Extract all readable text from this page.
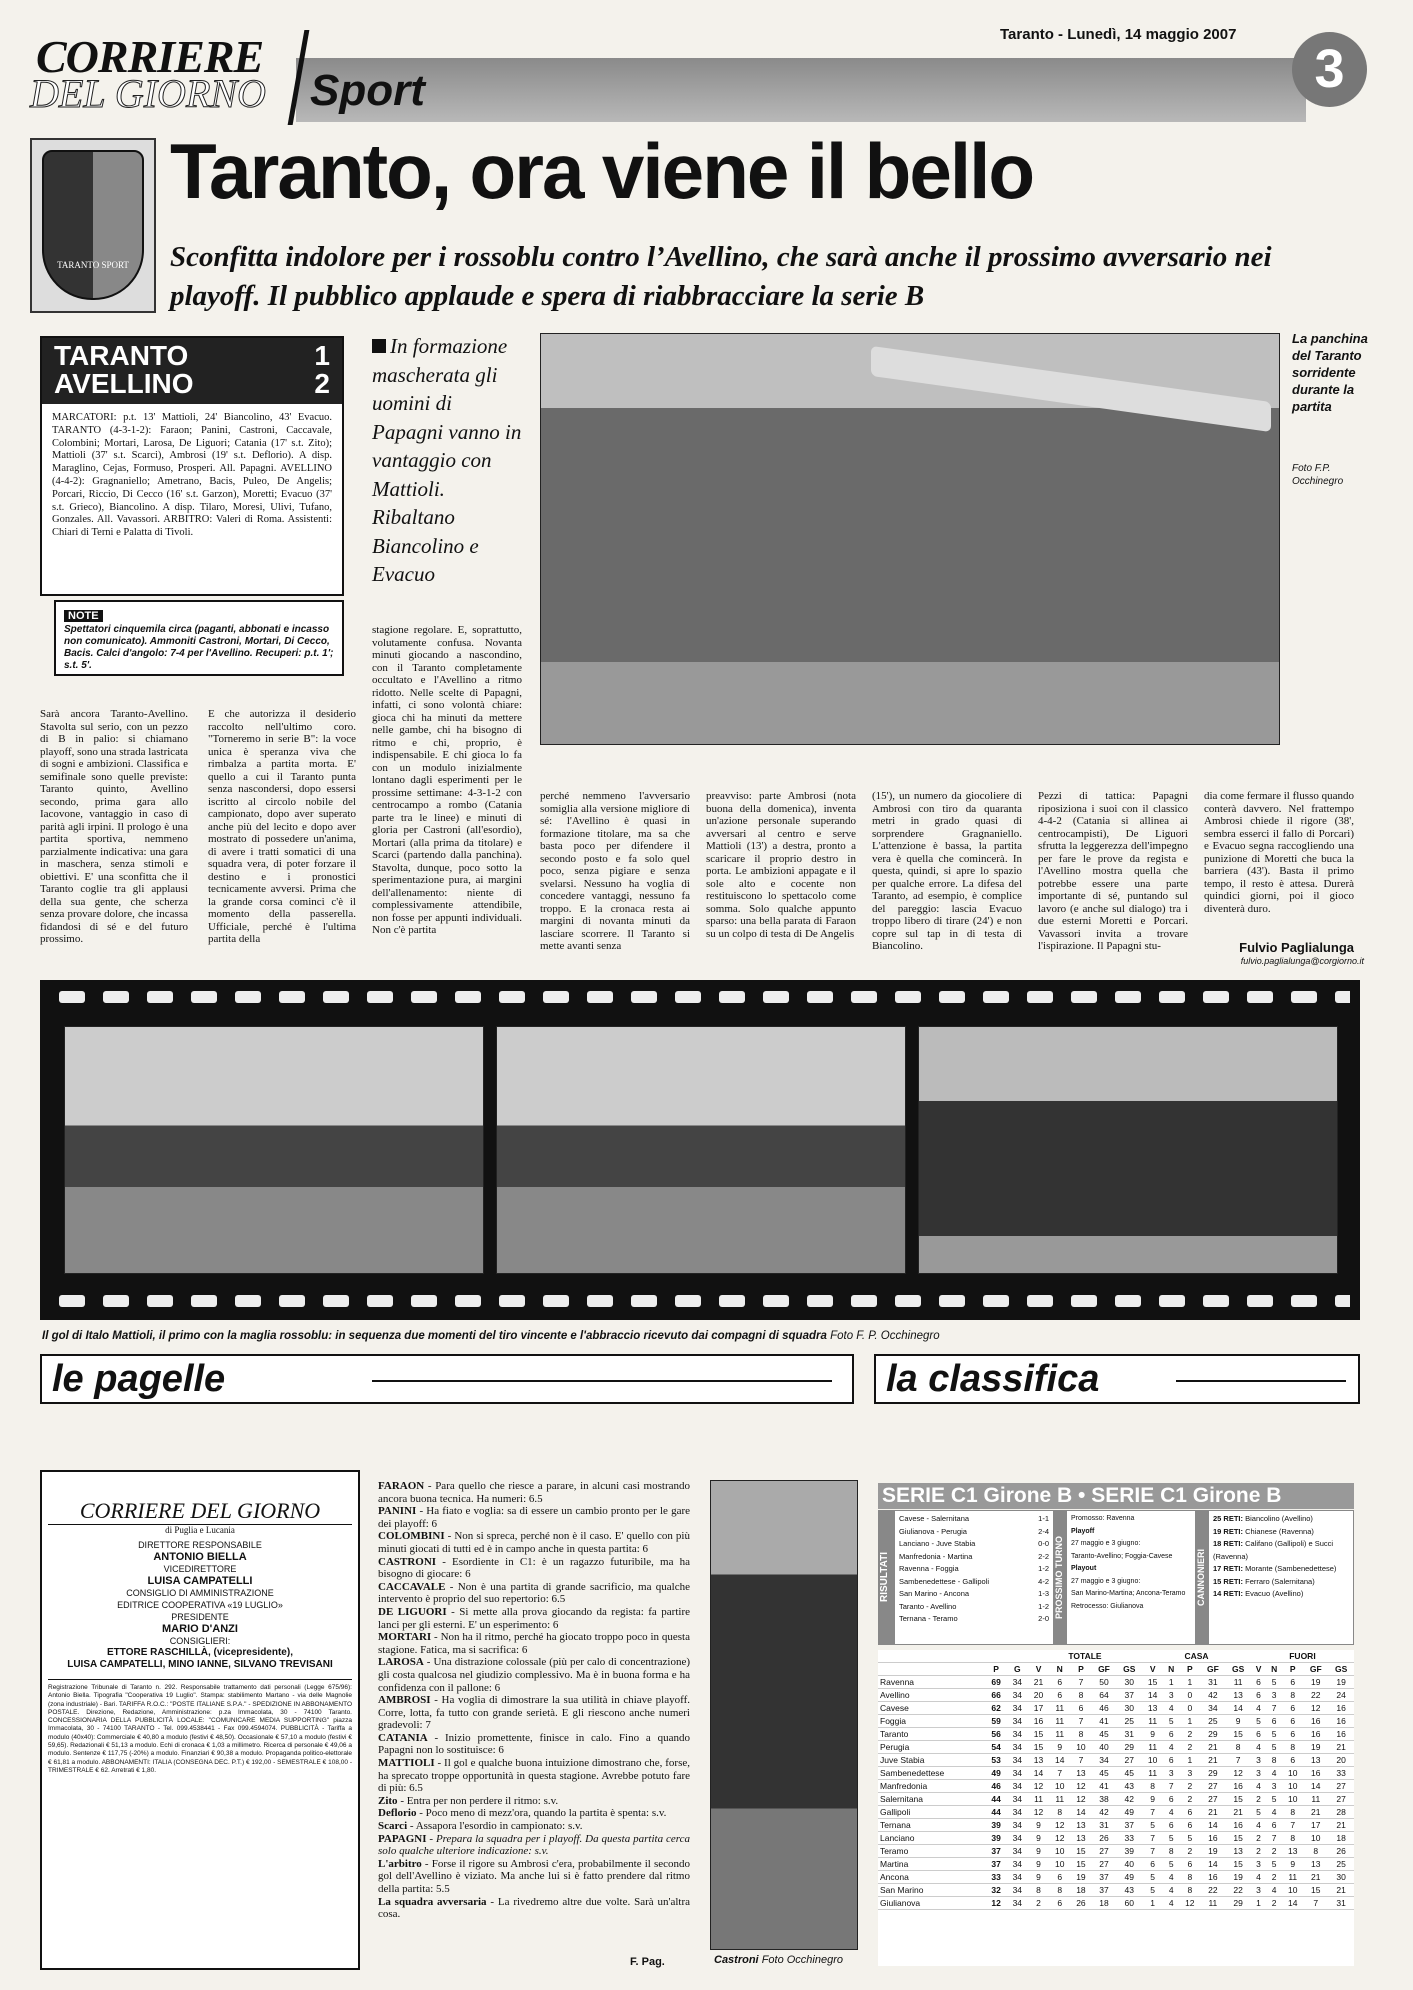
CORRIERE
DEL GIORNO Sport
Taranto - Lunedì, 14 maggio 2007
3
TARANTO SPORT
Taranto, ora viene il bello
Sconfitta indolore per i rossoblu contro l’Avellino, che sarà anche il prossimo avversario nei playoff. Il pubblico applaude e spera di riabbracciare la serie B
TARANTO	1
AVELLINO	2
MARCATORI: p.t. 13' Mattioli, 24' Biancolino, 43' Evacuo. TARANTO (4-3-1-2): Faraon; Panini, Castroni, Caccavale, Colombini; Mortari, Larosa, De Liguori; Catania (17' s.t. Zito); Mattioli (37' s.t. Scarci), Ambrosi (19' s.t. Deflorio). A disp. Maraglino, Cejas, Formuso, Prosperi. All. Papagni. AVELLINO (4-4-2): Gragnaniello; Ametrano, Bacis, Puleo, De Angelis; Porcari, Riccio, Di Cecco (16' s.t. Garzon), Moretti; Evacuo (37' s.t. Grieco), Biancolino. A disp. Tilaro, Moresi, Ulivi, Tufano, Gonzales. All. Vavassori. ARBITRO: Valeri di Roma. Assistenti: Chiari di Terni e Palatta di Tivoli.
NOTE
Spettatori cinquemila circa (paganti, abbonati e incasso non comunicato). Ammoniti Castroni, Mortari, Di Cecco, Bacis. Calci d'angolo: 7-4 per l'Avellino. Recuperi: p.t. 1'; s.t. 5'.
In formazione mascherata gli uomini di Papagni vanno in vantaggio con Mattioli. Ribaltano Biancolino e Evacuo
La panchina del Taranto sorridente durante la partita
Foto F.P. Occhinegro
Sarà ancora Taranto-Avellino. Stavolta sul serio, con un pezzo di B in palio: si chiamano playoff, sono una strada lastricata di sogni e ambizioni. Classifica e semifinale sono quelle previste: Taranto quinto, Avellino secondo, prima gara allo Iacovone, vantaggio in caso di parità agli irpini. Il prologo è una partita sportiva, nemmeno parzialmente indicativa: una gara in maschera, senza stimoli e obiettivi. E' una sconfitta che il Taranto coglie tra gli applausi della sua gente, che scherza senza provare dolore, che incassa fidandosi di sé e del futuro prossimo.
E che autorizza il desiderio raccolto nell'ultimo coro. "Torneremo in serie B": la voce unica è speranza viva che rimbalza a partita morta. E' quello a cui il Taranto punta senza nascondersi, dopo essersi iscritto al circolo nobile del campionato, dopo aver superato anche più del lecito e dopo aver mostrato di possedere un'anima, di avere i tratti somatici di una squadra vera, di poter forzare il destino e i pronostici tecnicamente avversi. Prima che la grande corsa cominci c'è il momento della passerella. Ufficiale, perché è l'ultima partita della
stagione regolare. E, soprattutto, volutamente confusa. Novanta minuti giocando a nascondino, con il Taranto completamente occultato e l'Avellino a ritmo ridotto. Nelle scelte di Papagni, infatti, ci sono volontà chiare: gioca chi ha minuti da mettere nelle gambe, chi ha bisogno di ritmo e chi, proprio, è indispensabile. E chi gioca lo fa con un modulo inizialmente lontano dagli esperimenti per le prossime settimane: 4-3-1-2 con centrocampo a rombo (Catania parte tra le linee) e minuti di gloria per Castroni (all'esordio), Mortari (alla prima da titolare) e Scarci (partendo dalla panchina). Stavolta, dunque, poco sotto la sperimentazione pura, ai margini dell'allenamento: niente di complessivamente attendibile, non fosse per appunti individuali. Non c'è partita
perché nemmeno l'avversario somiglia alla versione migliore di sé: l'Avellino è quasi in formazione titolare, ma sa che basta poco per difendere il secondo posto e fa solo quel poco, senza pigiare e senza svelarsi. Nessuno ha voglia di concedere vantaggi, nessuno fa troppo. E la cronaca resta ai margini di novanta minuti da lasciare scorrere. Il Taranto si mette avanti senza
preavviso: parte Ambrosi (nota buona della domenica), inventa un'azione personale superando avversari al centro e serve Mattioli (13') a destra, pronto a scaricare il proprio destro in porta. Le ambizioni appagate e il sole alto e cocente non restituiscono lo spettacolo come somma. Solo qualche appunto sparso: una bella parata di Faraon su un colpo di testa di De Angelis
(15'), un numero da giocoliere di Ambrosi con tiro da quaranta metri in grado quasi di sorprendere Gragnaniello. L'attenzione è bassa, la partita vera è quella che comincerà. In questa, quindi, si apre lo spazio per qualche errore. La difesa del Taranto, ad esempio, è complice del pareggio: lascia Evacuo troppo libero di tirare (24') e non copre sul tap in di testa di Biancolino.
Pezzi di tattica: Papagni riposiziona i suoi con il classico 4-4-2 (Catania si allinea ai centrocampisti), De Liguori sfrutta la leggerezza dell'impegno per fare le prove da regista e l'Avellino mostra quella che potrebbe essere una parte importante di sé, puntando sul lavoro (e anche sul dialogo) tra i due esterni Moretti e Porcari. Vavassori invita a trovare l'ispirazione. Il Papagni stu-
dia come fermare il flusso quando conterà davvero. Nel frattempo Ambrosi chiede il rigore (38', sembra esserci il fallo di Porcari) e Evacuo segna raccogliendo una punizione di Moretti che buca la barriera (43'). Basta il primo tempo, il resto è attesa. Durerà quindici giorni, poi il gioco diventerà duro.
Fulvio Paglialunga
fulvio.paglialunga@corgiorno.it
Il gol di Italo Mattioli, il primo con la maglia rossoblu: in sequenza due momenti del tiro vincente e l'abbraccio ricevuto dai compagni di squadra Foto F. P. Occhinegro
le pagelle	la classifica
CORRIERE DEL GIORNO
di Puglia e Lucania
DIRETTORE RESPONSABILE
ANTONIO BIELLA
VICEDIRETTORE
LUISA CAMPATELLI
CONSIGLIO DI AMMINISTRAZIONE
EDITRICE COOPERATIVA «19 LUGLIO»
PRESIDENTE
MARIO D'ANZI
CONSIGLIERI:
ETTORE RASCHILLÀ, (vicepresidente),
LUISA CAMPATELLI, MINO IANNE, SILVANO TREVISANI
Registrazione Tribunale di Taranto n. 292. Responsabile trattamento dati personali (Legge 675/96): Antonio Biella. Tipografia "Cooperativa 19 Luglio". Stampa: stabilimento Martano - via delle Magnolie (zona industriale) - Bari. TARIFFA R.O.C.: "POSTE ITALIANE S.P.A." - SPEDIZIONE IN ABBONAMENTO POSTALE. Direzione, Redazione, Amministrazione: p.za Immacolata, 30 - 74100 Taranto. CONCESSIONARIA DELLA PUBBLICITÀ LOCALE: "COMUNICARE MEDIA SUPPORTING" piazza Immacolata, 30 - 74100 TARANTO - Tel. 099.4538441 - Fax 099.4594074. PUBBLICITÀ - Tariffa a modulo (40x40): Commerciale € 40,80 a modulo (festivi € 48,50). Occasionale € 57,10 a modulo (festivi € 59,65). Redazionali € 51,13 a modulo. Echi di cronaca € 1,03 a millimetro. Ricerca di personale € 49,06 a modulo. Sentenze € 117,75 (-20%) a modulo. Finanziari € 90,38 a modulo. Propaganda politico-elettorale € 61,81 a modulo. ABBONAMENTI: ITALIA (CONSEGNA DEC. P.T.) € 192,00 - SEMESTRALE € 108,00 - TRIMESTRALE € 62. Arretrati € 1,80.

FARAON - Para quello che riesce a parare, in alcuni casi mostrando ancora buona tecnica. Ha numeri: 6.5

PANINI - Ha fiato e voglia: sa di essere un cambio pronto per le gare dei playoff: 6

COLOMBINI - Non si spreca, perché non è il caso. E' quello con più minuti giocati di tutti ed è in campo anche in questa partita: 6

CASTRONI - Esordiente in C1: è un ragazzo futuribile, ma ha bisogno di giocare: 6

CACCAVALE - Non è una partita di grande sacrificio, ma qualche intervento è proprio del suo repertorio: 6.5

DE LIGUORI - Si mette alla prova giocando da regista: fa partire lanci per gli esterni. E' un esperimento: 6

MORTARI - Non ha il ritmo, perché ha giocato troppo poco in questa stagione. Fatica, ma si sacrifica: 6

LAROSA - Una distrazione colossale (più per calo di concentrazione) gli costa qualcosa nel giudizio complessivo. Ma è in buona forma e ha confidenza con il pallone: 6

AMBROSI - Ha voglia di dimostrare la sua utilità in chiave playoff. Corre, lotta, fa tutto con grande serietà. E gli riescono anche numeri gradevoli: 7

CATANIA - Inizio promettente, finisce in calo. Fino a quando Papagni non lo sostituisce: 6

MATTIOLI - Il gol e qualche buona intuizione dimostrano che, forse, ha sprecato troppe opportunità in questa stagione. Avrebbe potuto fare di più: 6.5

Zito - Entra per non perdere il ritmo: s.v.

Deflorio - Poco meno di mezz'ora, quando la partita è spenta: s.v.

Scarci - Assapora l'esordio in campionato: s.v.

PAPAGNI - Prepara la squadra per i playoff. Da questa partita cerca solo qualche ulteriore indicazione: s.v.

L'arbitro - Forse il rigore su Ambrosi c'era, probabilmente il secondo gol dell'Avellino è viziato. Ma anche lui si è fatto prendere dal ritmo della partita: 5.5

La squadra avversaria - La rivedremo altre due volte. Sarà un'altra cosa.

F. Pag.	Castroni Foto Occhinegro
SERIE C1 Girone B • SERIE C1 Girone B
RISULTATI
Cavese - Salernitana	1-1
Giulianova - Perugia	2-4
Lanciano - Juve Stabia	0-0
Manfredonia - Martina	2-2
Ravenna - Foggia	1-2
Sambenedettese - Gallipoli	4-2
San Marino - Ancona	1-3
Taranto - Avellino	1-2
Ternana - Teramo	2-0 PROSSIMO TURNO
Promosso: Ravenna
Playoff
27 maggio e 3 giugno:
Taranto-Avellino; Foggia-Cavese
Playout
27 maggio e 3 giugno:
San Marino-Martina; Ancona-Teramo
Retrocesso: Giulianova	CANNONIERI
25 RETI: Biancolino (Avellino)
19 RETI: Chianese (Ravenna)
18 RETI: Califano (Gallipoli) e Succi (Ravenna)
17 RETI: Morante (Sambenedettese)
15 RETI: Ferraro (Salernitana)
14 RETI: Evacuo (Avellino)
			TOTALE					CASA					FUORI				
	P	G	V	N	P	GF	GS	V	N	P	GF	GS	V	N	P	GF	GS
Ravenna	69	34	21	6	7	50	30	15	1	1	31	11	6	5	6	19	19
Avellino	66	34	20	6	8	64	37	14	3	0	42	13	6	3	8	22	24
Cavese	62	34	17	11	6	46	30	13	4	0	34	14	4	7	6	12	16
Foggia	59	34	16	11	7	41	25	11	5	1	25	9	5	6	6	16	16
Taranto	56	34	15	11	8	45	31	9	6	2	29	15	6	5	6	16	16
Perugia	54	34	15	9	10	40	29	11	4	2	21	8	4	5	8	19	21
Juve Stabia	53	34	13	14	7	34	27	10	6	1	21	7	3	8	6	13	20
Sambenedettese	49	34	14	7	13	45	45	11	3	3	29	12	3	4	10	16	33
Manfredonia	46	34	12	10	12	41	43	8	7	2	27	16	4	3	10	14	27
Salernitana	44	34	11	11	12	38	42	9	6	2	27	15	2	5	10	11	27
Gallipoli	44	34	12	8	14	42	49	7	4	6	21	21	5	4	8	21	28
Ternana	39	34	9	12	13	31	37	5	6	6	14	16	4	6	7	17	21
Lanciano	39	34	9	12	13	26	33	7	5	5	16	15	2	7	8	10	18
Teramo	37	34	9	10	15	27	39	7	8	2	19	13	2	2	13	8	26
Martina	37	34	9	10	15	27	40	6	5	6	14	15	3	5	9	13	25
Ancona	33	34	9	6	19	37	49	5	4	8	16	19	4	2	11	21	30
San Marino	32	34	8	8	18	37	43	5	4	8	22	22	3	4	10	15	21
Giulianova	12	34	2	6	26	18	60	1	4	12	11	29	1	2	14	7	31
